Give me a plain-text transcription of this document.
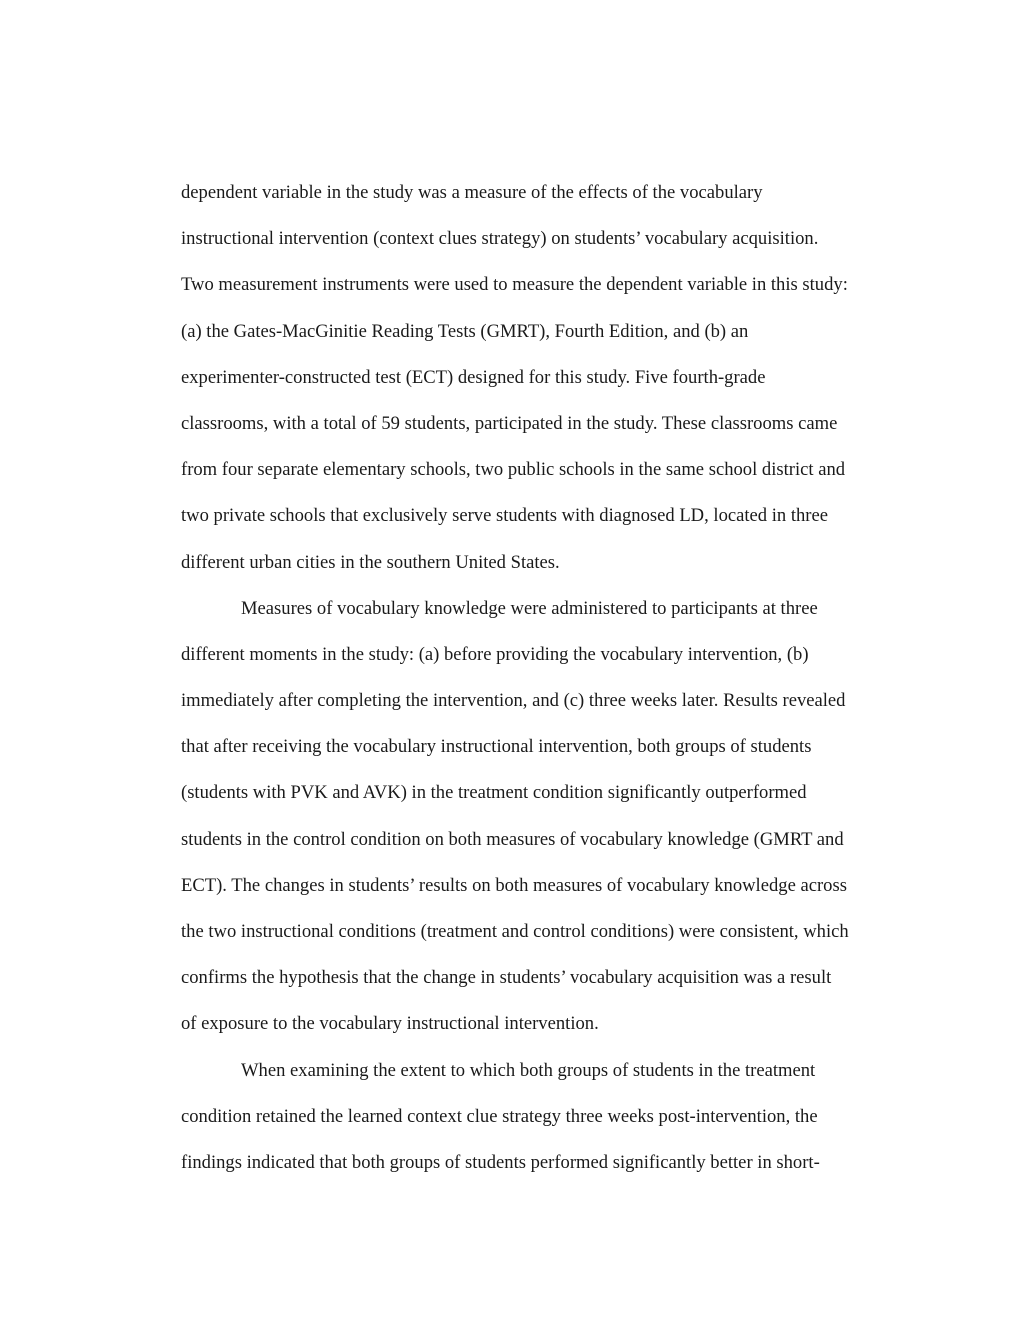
dependent variable in the study was a measure of the effects of the vocabulary
instructional intervention (context clues strategy) on students’ vocabulary acquisition.
Two measurement instruments were used to measure the dependent variable in this study:
(a) the Gates-MacGinitie Reading Tests (GMRT), Fourth Edition, and (b) an
experimenter-constructed test (ECT) designed for this study. Five fourth-grade
classrooms, with a total of 59 students, participated in the study. These classrooms came
from four separate elementary schools, two public schools in the same school district and
two private schools that exclusively serve students with diagnosed LD, located in three
different urban cities in the southern United States.
Measures of vocabulary knowledge were administered to participants at three
different moments in the study: (a) before providing the vocabulary intervention, (b)
immediately after completing the intervention, and (c) three weeks later. Results revealed
that after receiving the vocabulary instructional intervention, both groups of students
(students with PVK and AVK) in the treatment condition significantly outperformed
students in the control condition on both measures of vocabulary knowledge (GMRT and
ECT). The changes in students’ results on both measures of vocabulary knowledge across
the two instructional conditions (treatment and control conditions) were consistent, which
confirms the hypothesis that the change in students’ vocabulary acquisition was a result
of exposure to the vocabulary instructional intervention.
When examining the extent to which both groups of students in the treatment
condition retained the learned context clue strategy three weeks post-intervention, the
findings indicated that both groups of students performed significantly better in short-
